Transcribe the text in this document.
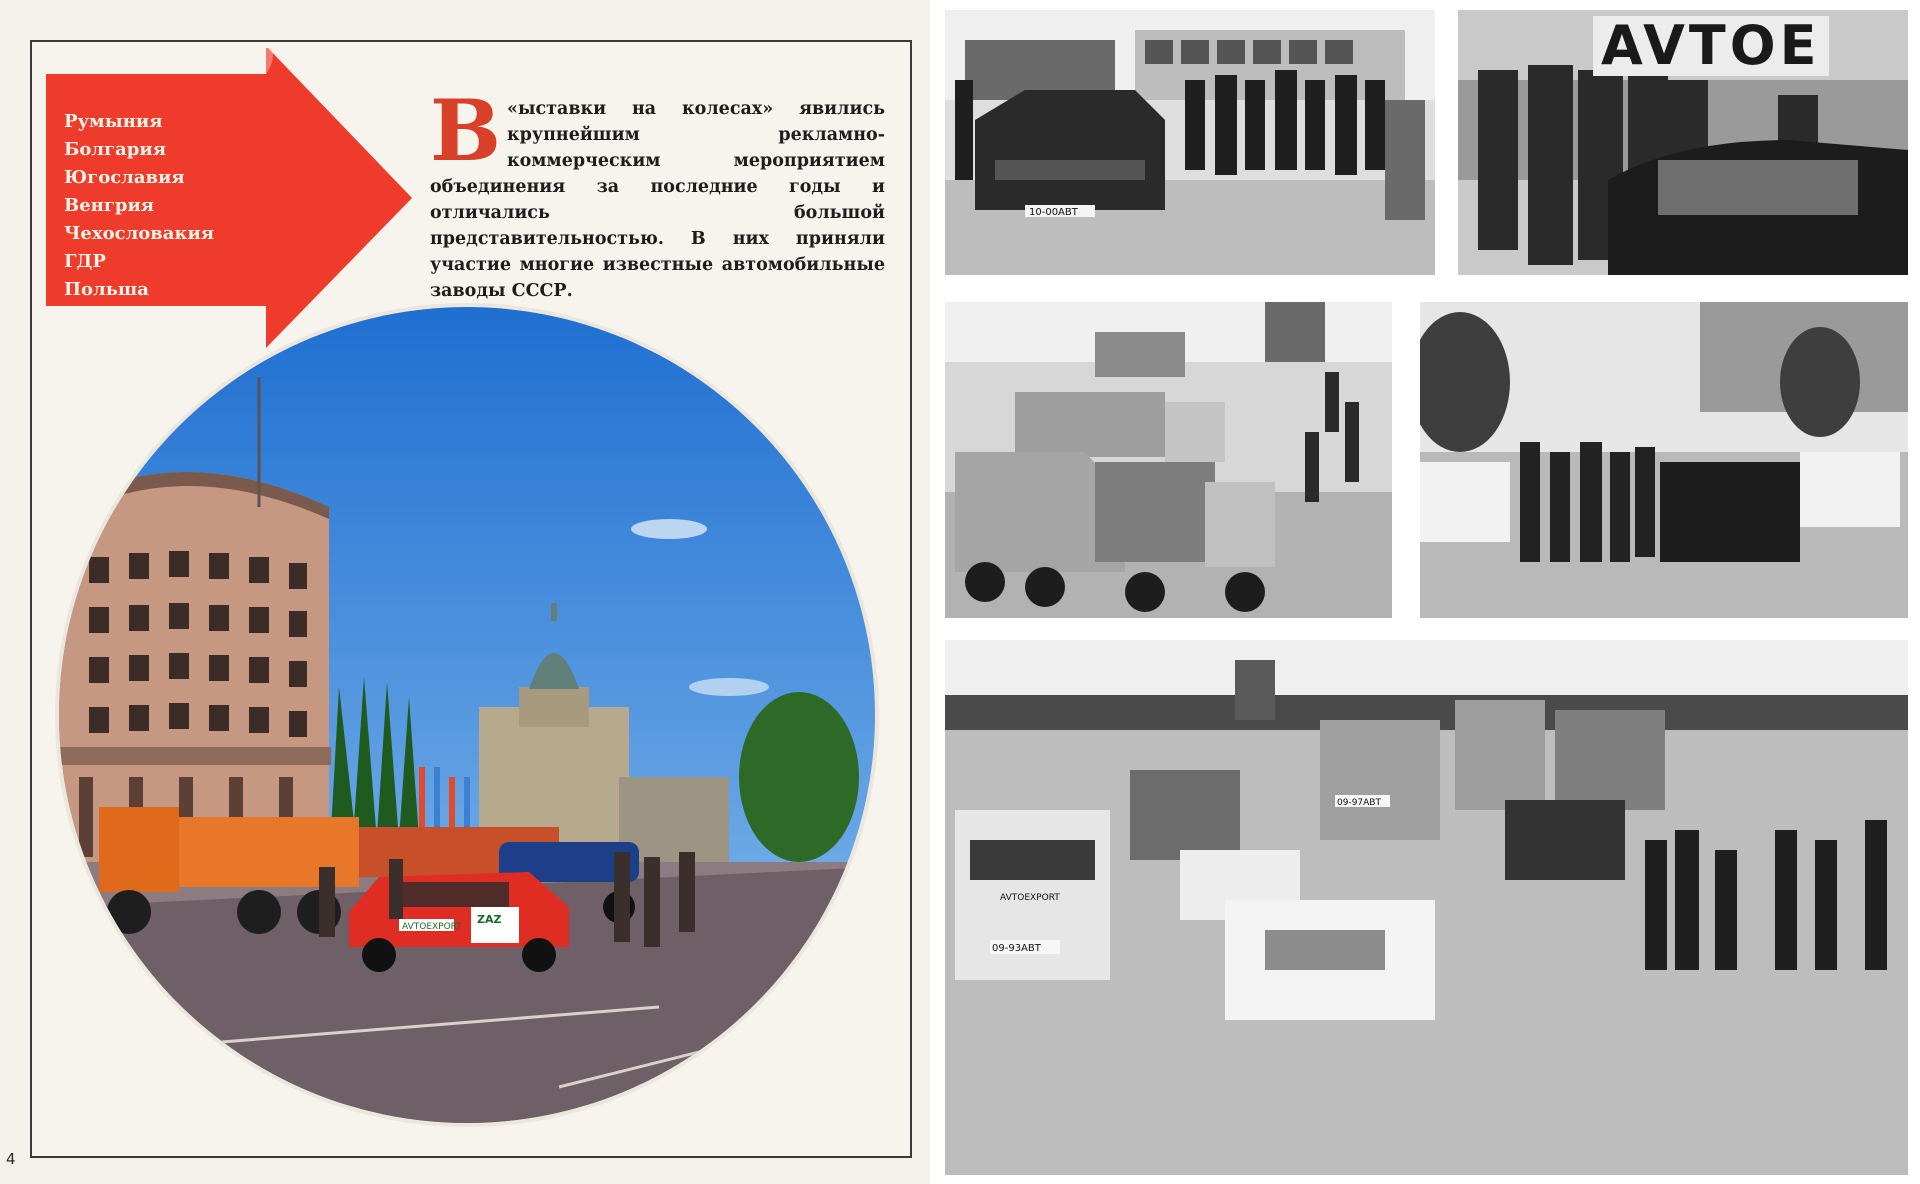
Румыния
Болгария
Югославия
Венгрия
Чехословакия
ГДР
Польша
В «ыставки на колесах» явились крупнейшим рекламно-коммерческим мероприятием объединения за последние годы и отличались большой представительностью. В них приняли участие многие известные автомобильные заводы СССР.
AVTOEXPORT
ZAZ
4
10-00АВТ
AVTOE
09-93АВТ
AVTOEXPORT
09-97АВТ
